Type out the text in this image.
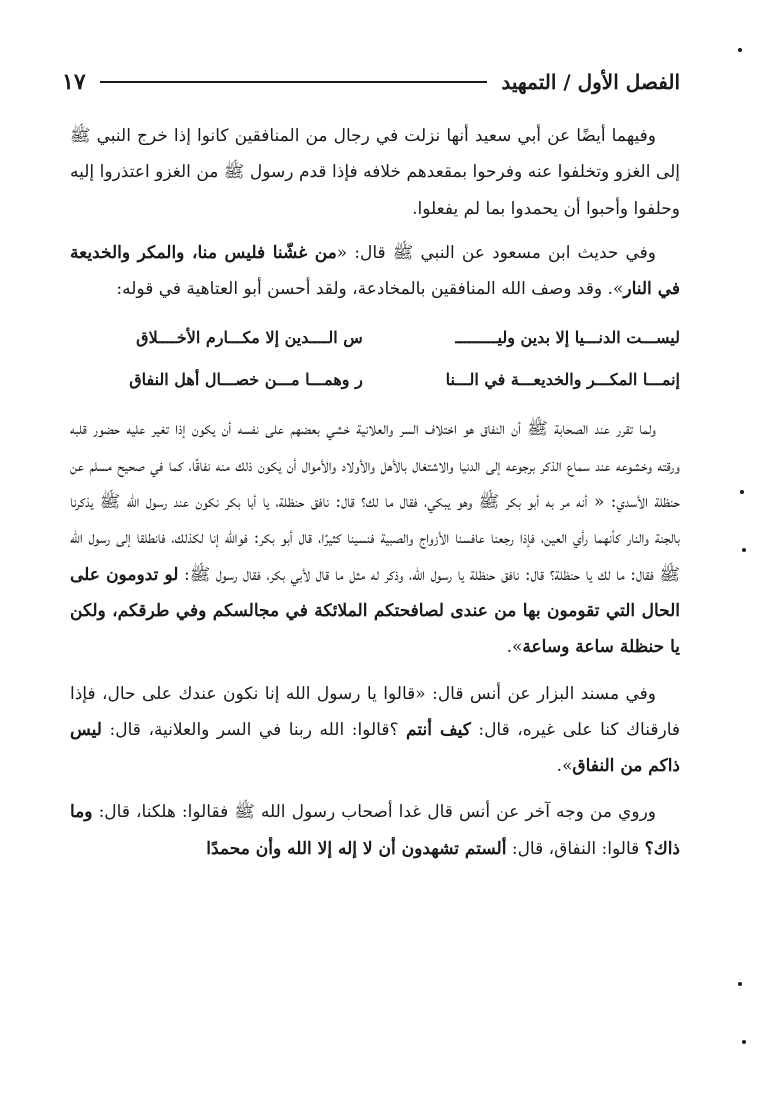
الفصل الأول / التمهيد
١٧

وفيهما أيضًا عن أبي سعيد أنها نزلت في رجال من المنافقين كانوا إذا خرج النبي ﷺ إلى الغزو وتخلفوا عنه وفرحوا بمقعدهم خلافه فإذا قدم رسول ﷺ من الغزو اعتذروا إليه وحلفوا وأحبوا أن يحمدوا بما لم يفعلوا.

وفي حديث ابن مسعود عن النبي ﷺ قال: «من غشّنا فليس منا، والمكر والخديعة في النار». وقد وصف الله المنافقين بالمخادعة، ولقد أحسن أبو العتاهية في قوله:

ليســـت الدنـــيا إلا بدين وليـــــــــ
س الــــدين إلا مكـــارم الأخــــلاق
إنمـــا المكـــر والخديعـــة في الـــنا
ر وهمـــا مـــن خصـــال أهل النفاق

ولما تقرر عند الصحابة ﷺ أن النفاق هو اختلاف السر والعلانية خشي بعضهم على نفسه أن يكون إذا تغير عليه حضور قلبه ورقته وخشوعه عند سماع الذكر برجوعه إلى الدنيا والاشتغال بالأهل والأولاد والأموال أن يكون ذلك منه نفاقًا، كما في صحيح مسلم عن حنظلة الأسدي: « أنه مر به أبو بكر ﷺ وهو يبكي، فقال ما لك؟ قال: نافق حنظلة، يا أبا بكر نكون عند رسول الله ﷺ يذكرنا بالجنة والنار كأنهما رأي العين، فإذا رجعنا عافسنا الأزواج والصبية فنسينا كثيرًا، قال أبو بكر: فوالله إنا لكذلك، فانطلقا إلى رسول الله ﷺ فقال: ما لك يا حنظلة؟ قال: نافق حنظلة يا رسول الله، وذكر له مثل ما قال لأبي بكر، فقال رسول ﷺ: لو تدومون على الحال التي تقومون بها من عندى لصافحتكم الملائكة في مجالسكم وفي طرقكم، ولكن يا حنظلة ساعة وساعة».

وفي مسند البزار عن أنس قال: «قالوا يا رسول الله إنا نكون عندك على حال، فإذا فارقناك كنا على غيره، قال: كيف أنتم ؟قالوا: الله ربنا في السر والعلانية، قال: ليس ذاكم من النفاق».

وروي من وجه آخر عن أنس قال غدا أصحاب رسول الله ﷺ فقالوا: هلكنا، قال: وما ذاك؟ قالوا: النفاق، قال: ألستم تشهدون أن لا إله إلا الله وأن محمدًا
